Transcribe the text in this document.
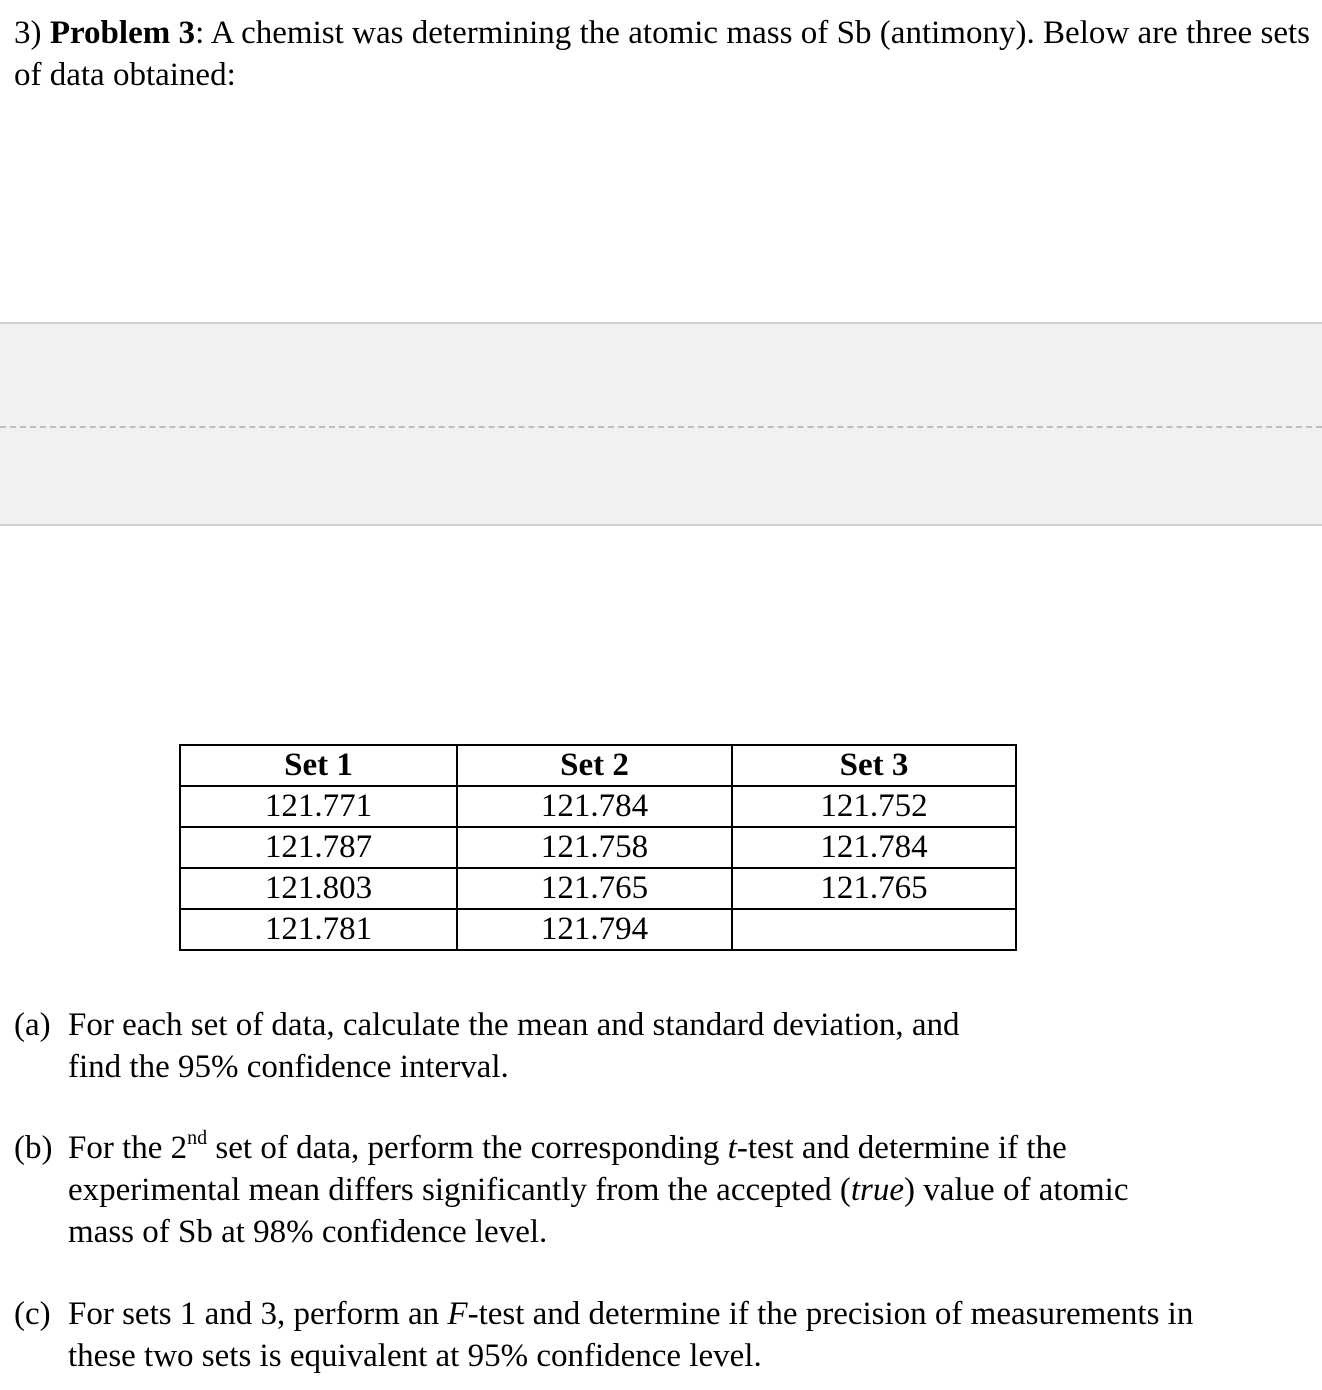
3) Problem 3: A chemist was determining the atomic mass of Sb (antimony). Below are three sets of data obtained:
Set 1	Set 2	Set 3
121.771	121.784	121.752
121.787	121.758	121.784
121.803	121.765	121.765
121.781	121.794	
(a) For each set of data, calculate the mean and standard deviation, and
find the 95% confidence interval.
(b) For the 2nd set of data, perform the corresponding t-test and determine if the
experimental mean differs significantly from the accepted (true) value of atomic
mass of Sb at 98% confidence level.
(c) For sets 1 and 3, perform an F-test and determine if the precision of measurements in
these two sets is equivalent at 95% confidence level.
